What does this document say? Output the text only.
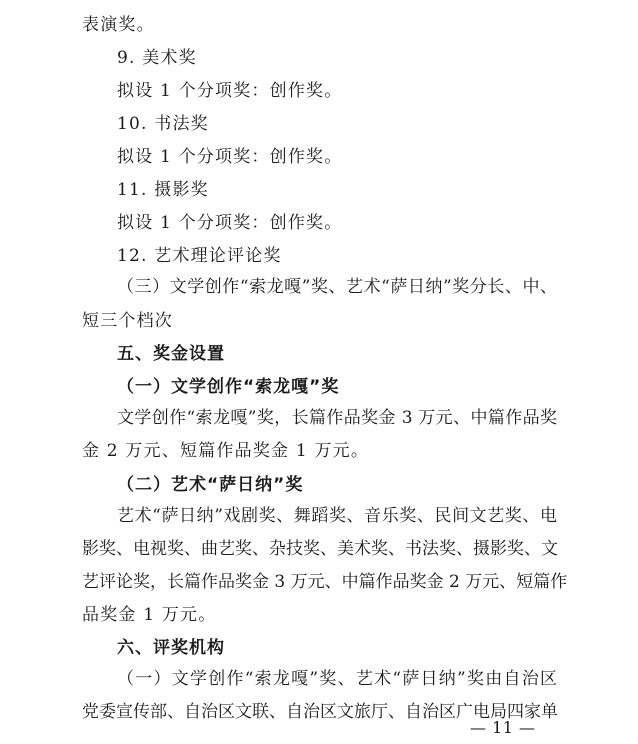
表演奖。
9. 美术奖
拟设 1 个分项奖：创作奖。
10. 书法奖
拟设 1 个分项奖：创作奖。
11. 摄影奖
拟设 1 个分项奖：创作奖。
12. 艺术理论评论奖
（三）文学创作“索龙嘎”奖、艺术“萨日纳”奖分长、中、
短三个档次
五、奖金设置
（一）文学创作“索龙嘎”奖
文学创作“索龙嘎”奖，长篇作品奖金 3 万元、中篇作品奖
金 2 万元、短篇作品奖金 1 万元。
（二）艺术“萨日纳”奖
艺术“萨日纳”戏剧奖、舞蹈奖、音乐奖、民间文艺奖、电
影奖、电视奖、曲艺奖、杂技奖、美术奖、书法奖、摄影奖、文
艺评论奖，长篇作品奖金 3 万元、中篇作品奖金 2 万元、短篇作
品奖金 1 万元。
六、评奖机构
（一）文学创作“索龙嘎”奖、艺术“萨日纳”奖由自治区
党委宣传部、自治区文联、自治区文旅厅、自治区广电局四家单
— 11 —
